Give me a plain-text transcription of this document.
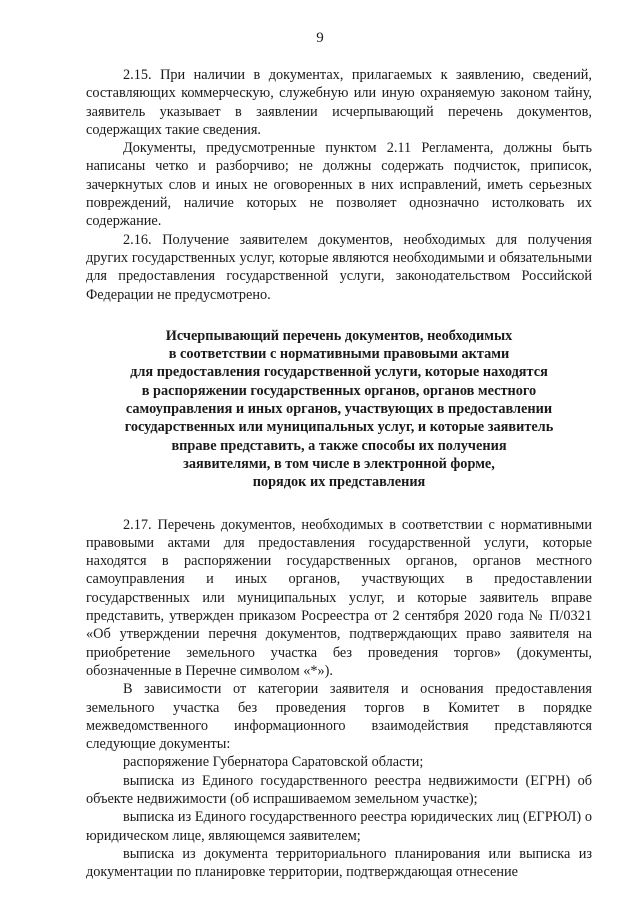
9

2.15. При наличии в документах, прилагаемых к заявлению, сведений, составляющих коммерческую, служебную или иную охраняемую законом тайну, заявитель указывает в заявлении исчерпывающий перечень документов, содержащих такие сведения.

Документы, предусмотренные пунктом 2.11 Регламента, должны быть написаны четко и разборчиво; не должны содержать подчисток, приписок, зачеркнутых слов и иных не оговоренных в них исправлений, иметь серьезных повреждений, наличие которых не позволяет однозначно истолковать их содержание.

2.16. Получение заявителем документов, необходимых для получения других государственных услуг, которые являются необходимыми и обязательными для предоставления государственной услуги, законодательством Российской Федерации не предусмотрено.

Исчерпывающий перечень документов, необходимых
в соответствии с нормативными правовыми актами
для предоставления государственной услуги, которые находятся
в распоряжении государственных органов, органов местного
самоуправления и иных органов, участвующих в предоставлении
государственных или муниципальных услуг, и которые заявитель
вправе представить, а также способы их получения
заявителями, в том числе в электронной форме,
порядок их представления

2.17. Перечень документов, необходимых в соответствии с нормативными правовыми актами для предоставления государственной услуги, которые находятся в распоряжении государственных органов, органов местного самоуправления и иных органов, участвующих в предоставлении государственных или муниципальных услуг, и которые заявитель вправе представить, утвержден приказом Росреестра от 2 сентября 2020 года № П/0321 «Об утверждении перечня документов, подтверждающих право заявителя на приобретение земельного участка без проведения торгов» (документы, обозначенные в Перечне символом «*»).

В зависимости от категории заявителя и основания предоставления земельного участка без проведения торгов в Комитет в порядке межведомственного информационного взаимодействия представляются следующие документы:

распоряжение Губернатора Саратовской области;

выписка из Единого государственного реестра недвижимости (ЕГРН) об объекте недвижимости (об испрашиваемом земельном участке);

выписка из Единого государственного реестра юридических лиц (ЕГРЮЛ) о юридическом лице, являющемся заявителем;

выписка из документа территориального планирования или выписка из документации по планировке территории, подтверждающая отнесение
